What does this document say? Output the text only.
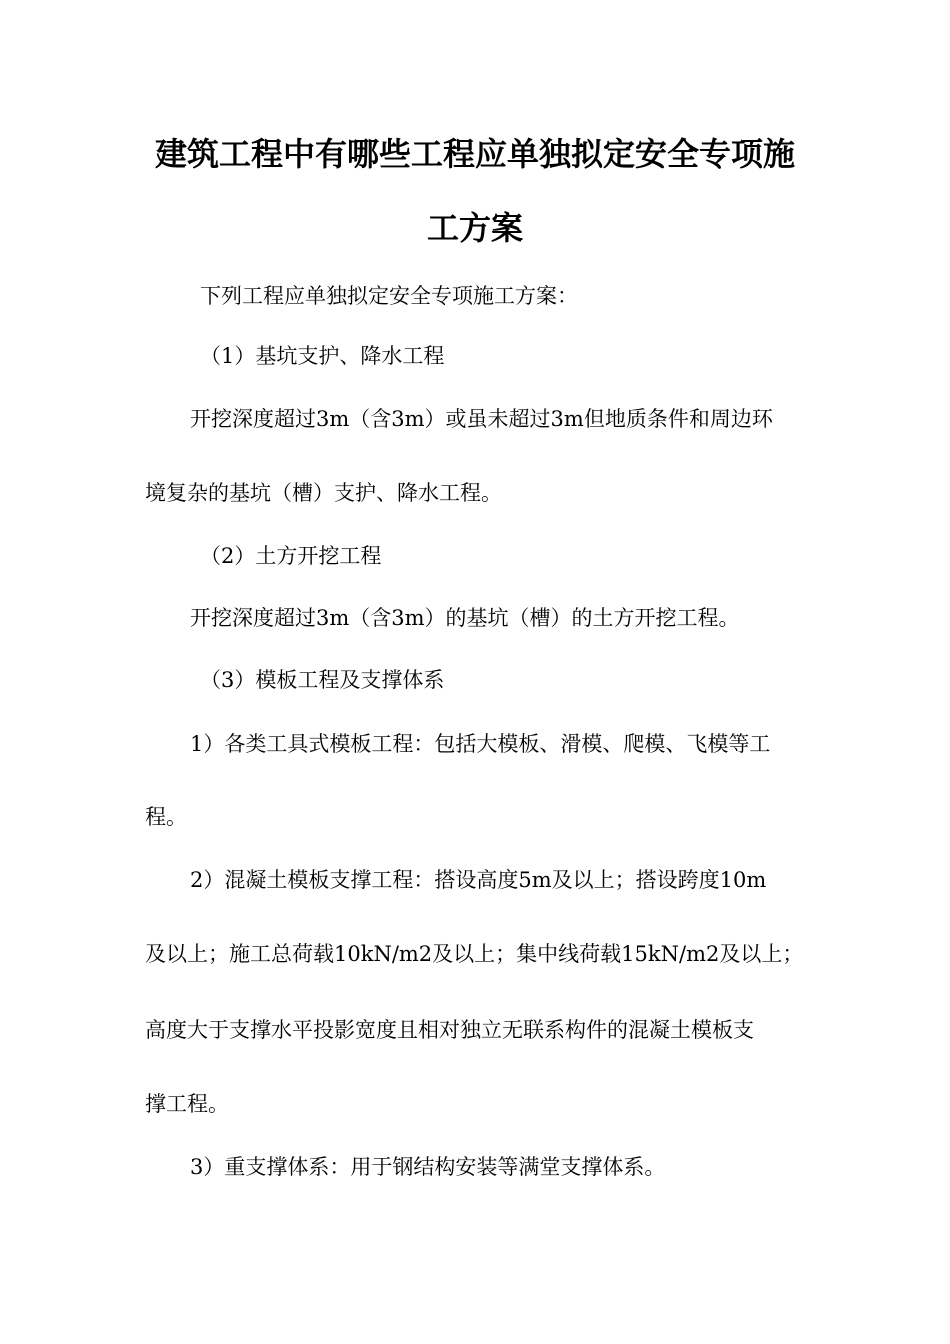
建筑工程中有哪些工程应单独拟定安全专项施
工方案
下列工程应单独拟定安全专项施工方案：
（1）基坑支护、降水工程
开挖深度超过3m（含3m）或虽未超过3m但地质条件和周边环
境复杂的基坑（槽）支护、降水工程。
（2）土方开挖工程
开挖深度超过3m（含3m）的基坑（槽）的土方开挖工程。
（3）模板工程及支撑体系
1）各类工具式模板工程：包括大模板、滑模、爬模、飞模等工
程。
2）混凝土模板支撑工程：搭设高度5m及以上；搭设跨度10m
及以上；施工总荷载10kN/m2及以上；集中线荷载15kN/m2及以上；
高度大于支撑水平投影宽度且相对独立无联系构件的混凝土模板支
撑工程。
3）重支撑体系：用于钢结构安装等满堂支撑体系。
